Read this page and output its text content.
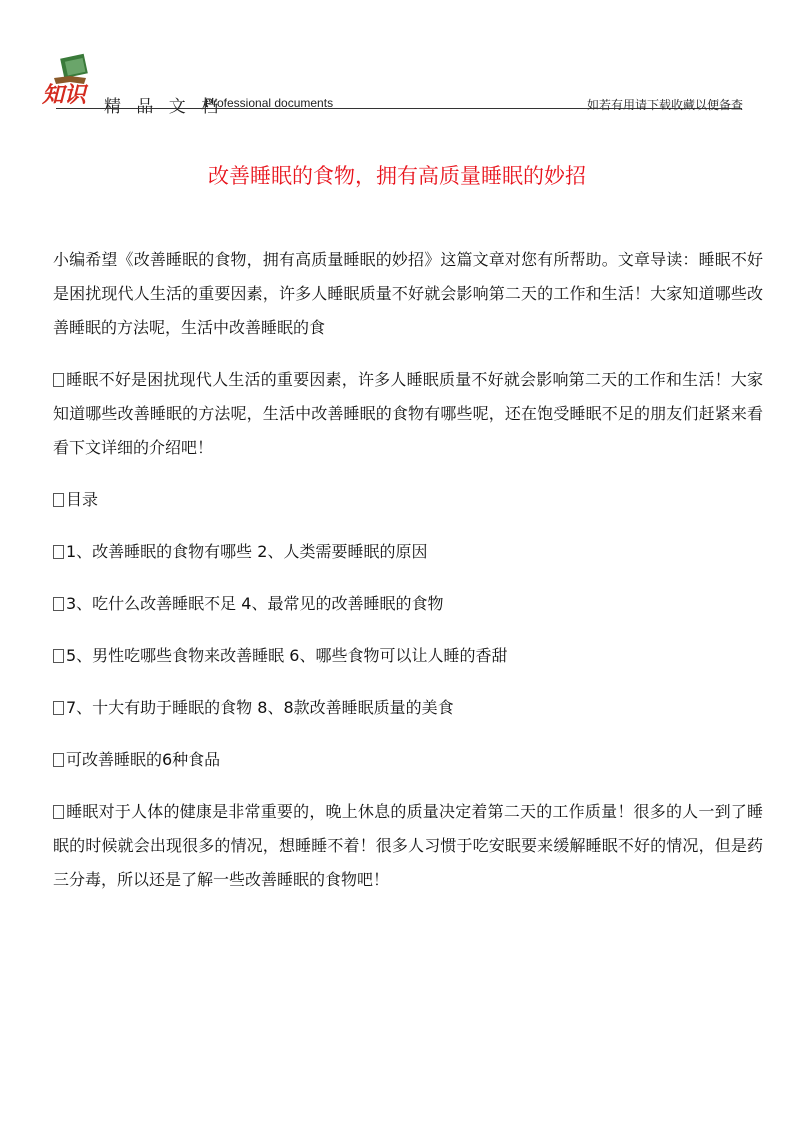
知识 精 品 文 档
Professional documents	如若有用请下载收藏以便备查
改善睡眠的食物，拥有高质量睡眠的妙招

小编希望《改善睡眠的食物，拥有高质量睡眠的妙招》这篇文章对您有所帮助。文章导读：睡眠不好是困扰现代人生活的重要因素，许多人睡眠质量不好就会影响第二天的工作和生活！大家知道哪些改善睡眠的方法呢，生活中改善睡眠的食

睡眠不好是困扰现代人生活的重要因素，许多人睡眠质量不好就会影响第二天的工作和生活！大家知道哪些改善睡眠的方法呢，生活中改善睡眠的食物有哪些呢，还在饱受睡眠不足的朋友们赶紧来看看下文详细的介绍吧！

目录

1、改善睡眠的食物有哪些 2、人类需要睡眠的原因

3、吃什么改善睡眠不足 4、最常见的改善睡眠的食物

5、男性吃哪些食物来改善睡眠 6、哪些食物可以让人睡的香甜

7、十大有助于睡眠的食物 8、8款改善睡眠质量的美食

可改善睡眠的6种食品

睡眠对于人体的健康是非常重要的，晚上休息的质量决定着第二天的工作质量！很多的人一到了睡眠的时候就会出现很多的情况，想睡睡不着！很多人习惯于吃安眠要来缓解睡眠不好的情况，但是药三分毒，所以还是了解一些改善睡眠的食物吧！
